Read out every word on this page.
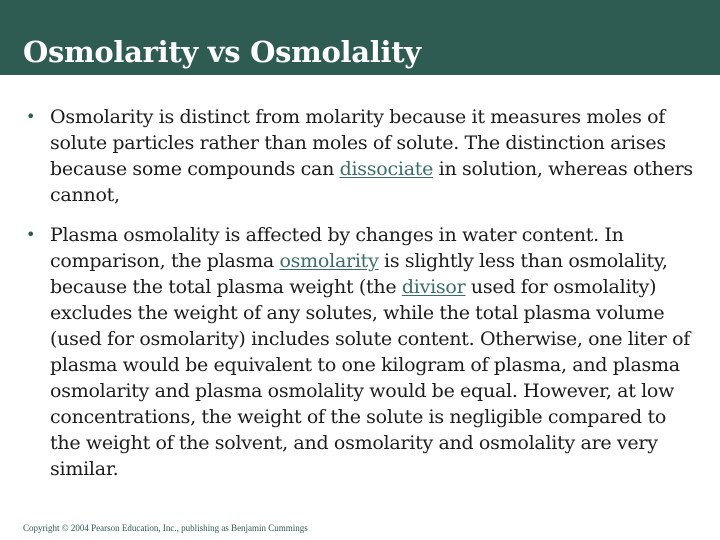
Osmolarity vs Osmolality
• Osmolarity is distinct from molarity because it measures moles of solute particles rather than moles of solute. The distinction arises because some compounds can dissociate in solution, whereas others cannot,
• Plasma osmolality is affected by changes in water content. In comparison, the plasma osmolarity is slightly less than osmolality, because the total plasma weight (the divisor used for osmolality) excludes the weight of any solutes, while the total plasma volume (used for osmolarity) includes solute content. Otherwise, one liter of plasma would be equivalent to one kilogram of plasma, and plasma osmolarity and plasma osmolality would be equal. However, at low concentrations, the weight of the solute is negligible compared to the weight of the solvent, and osmolarity and osmolality are very similar.
Copyright © 2004 Pearson Education, Inc., publishing as Benjamin Cummings
